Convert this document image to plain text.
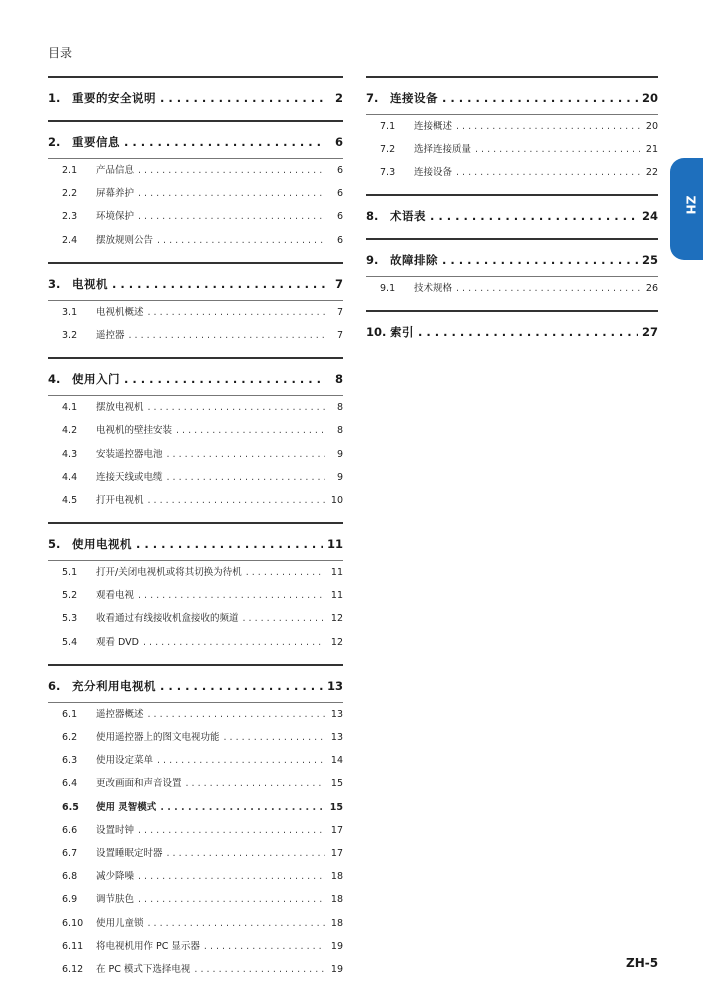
目录
1.	重要的安全说明 . . .	2
2.	重要信息 . . .	6
2.1	产品信息 . . .	6
2.2	屏幕养护 . . .	6
2.3	环境保护 . . .	6
2.4	摆放规则公告 . . .	6
3.	电视机 . . .	7
3.1	电视机概述 . . .	7
3.2	遥控器 . . .	7
4.	使用入门 . . .	8
4.1	摆放电视机 . . .	8
4.2	电视机的壁挂安装 . . .	8
4.3	安装遥控器电池 . . .	9
4.4	连接天线或电缆 . . .	9
4.5	打开电视机 . . .	10
5.	使用电视机 . . .	11
5.1	打开/关闭电视机或将其切换为待机 . . .	11
5.2	观看电视 . . .	11
5.3	收看通过有线接收机盒接收的频道 . . .	12
5.4	观看 DVD . . .	12
6.	充分利用电视机 . . .	13
6.1	遥控器概述 . . .	13
6.2	使用遥控器上的图文电视功能 . . .	13
6.3	使用设定菜单 . . .	14
6.4	更改画面和声音设置 . . .	15
6.5	使用 灵智模式 . . .	15
6.6	设置时钟 . . .	17
6.7	设置睡眠定时器 . . .	17
6.8	减少降噪 . . .	18
6.9	调节肤色 . . .	18
6.10	使用儿童锁 . . .	18
6.11	将电视机用作 PC 显示器 . . .	19
6.12	在 PC 模式下选择电视 . . .	19
7.	连接设备 . . .	20
7.1	连接概述 . . .	20
7.2	选择连接质量 . . .	21
7.3	连接设备 . . .	22
8.	术语表 . . .	24
9.	故障排除 . . .	25
9.1	技术规格 . . .	26
10. 索引 . . .	27
ZH
ZH-5
